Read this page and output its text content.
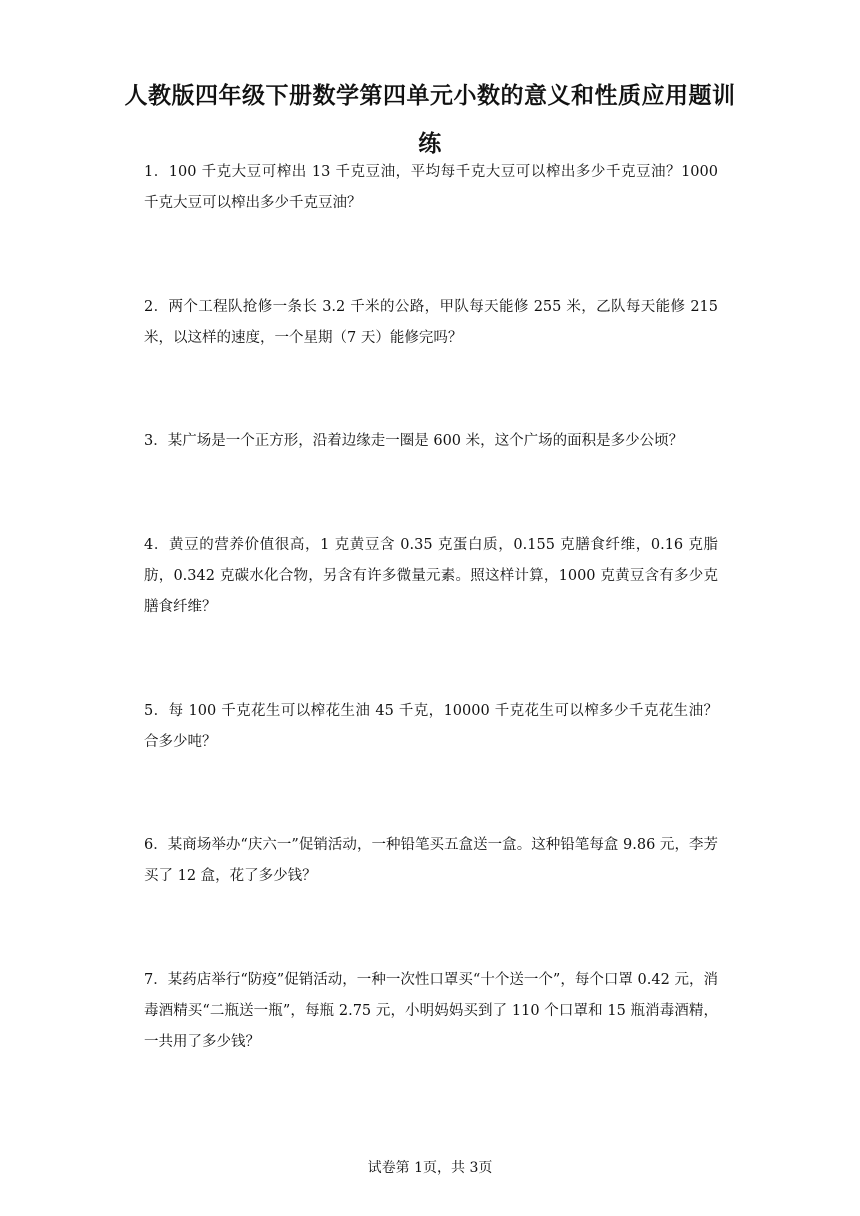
人教版四年级下册数学第四单元小数的意义和性质应用题训练
1．100 千克大豆可榨出 13 千克豆油，平均每千克大豆可以榨出多少千克豆油？1000 千克大豆可以榨出多少千克豆油？
2．两个工程队抢修一条长 3.2 千米的公路，甲队每天能修 255 米，乙队每天能修 215 米，以这样的速度，一个星期（7 天）能修完吗？
3．某广场是一个正方形，沿着边缘走一圈是 600 米，这个广场的面积是多少公顷？
4．黄豆的营养价值很高，1 克黄豆含 0.35 克蛋白质，0.155 克膳食纤维，0.16 克脂肪，0.342 克碳水化合物，另含有许多微量元素。照这样计算，1000 克黄豆含有多少克膳食纤维？
5．每 100 千克花生可以榨花生油 45 千克，10000 千克花生可以榨多少千克花生油？合多少吨？
6．某商场举办“庆六一”促销活动，一种铅笔买五盒送一盒。这种铅笔每盒 9.86 元，李芳买了 12 盒，花了多少钱？
7．某药店举行“防疫”促销活动，一种一次性口罩买“十个送一个”，每个口罩 0.42 元，消毒酒精买“二瓶送一瓶”，每瓶 2.75 元，小明妈妈买到了 110 个口罩和 15 瓶消毒酒精，一共用了多少钱？
试卷第 1页，共 3页
